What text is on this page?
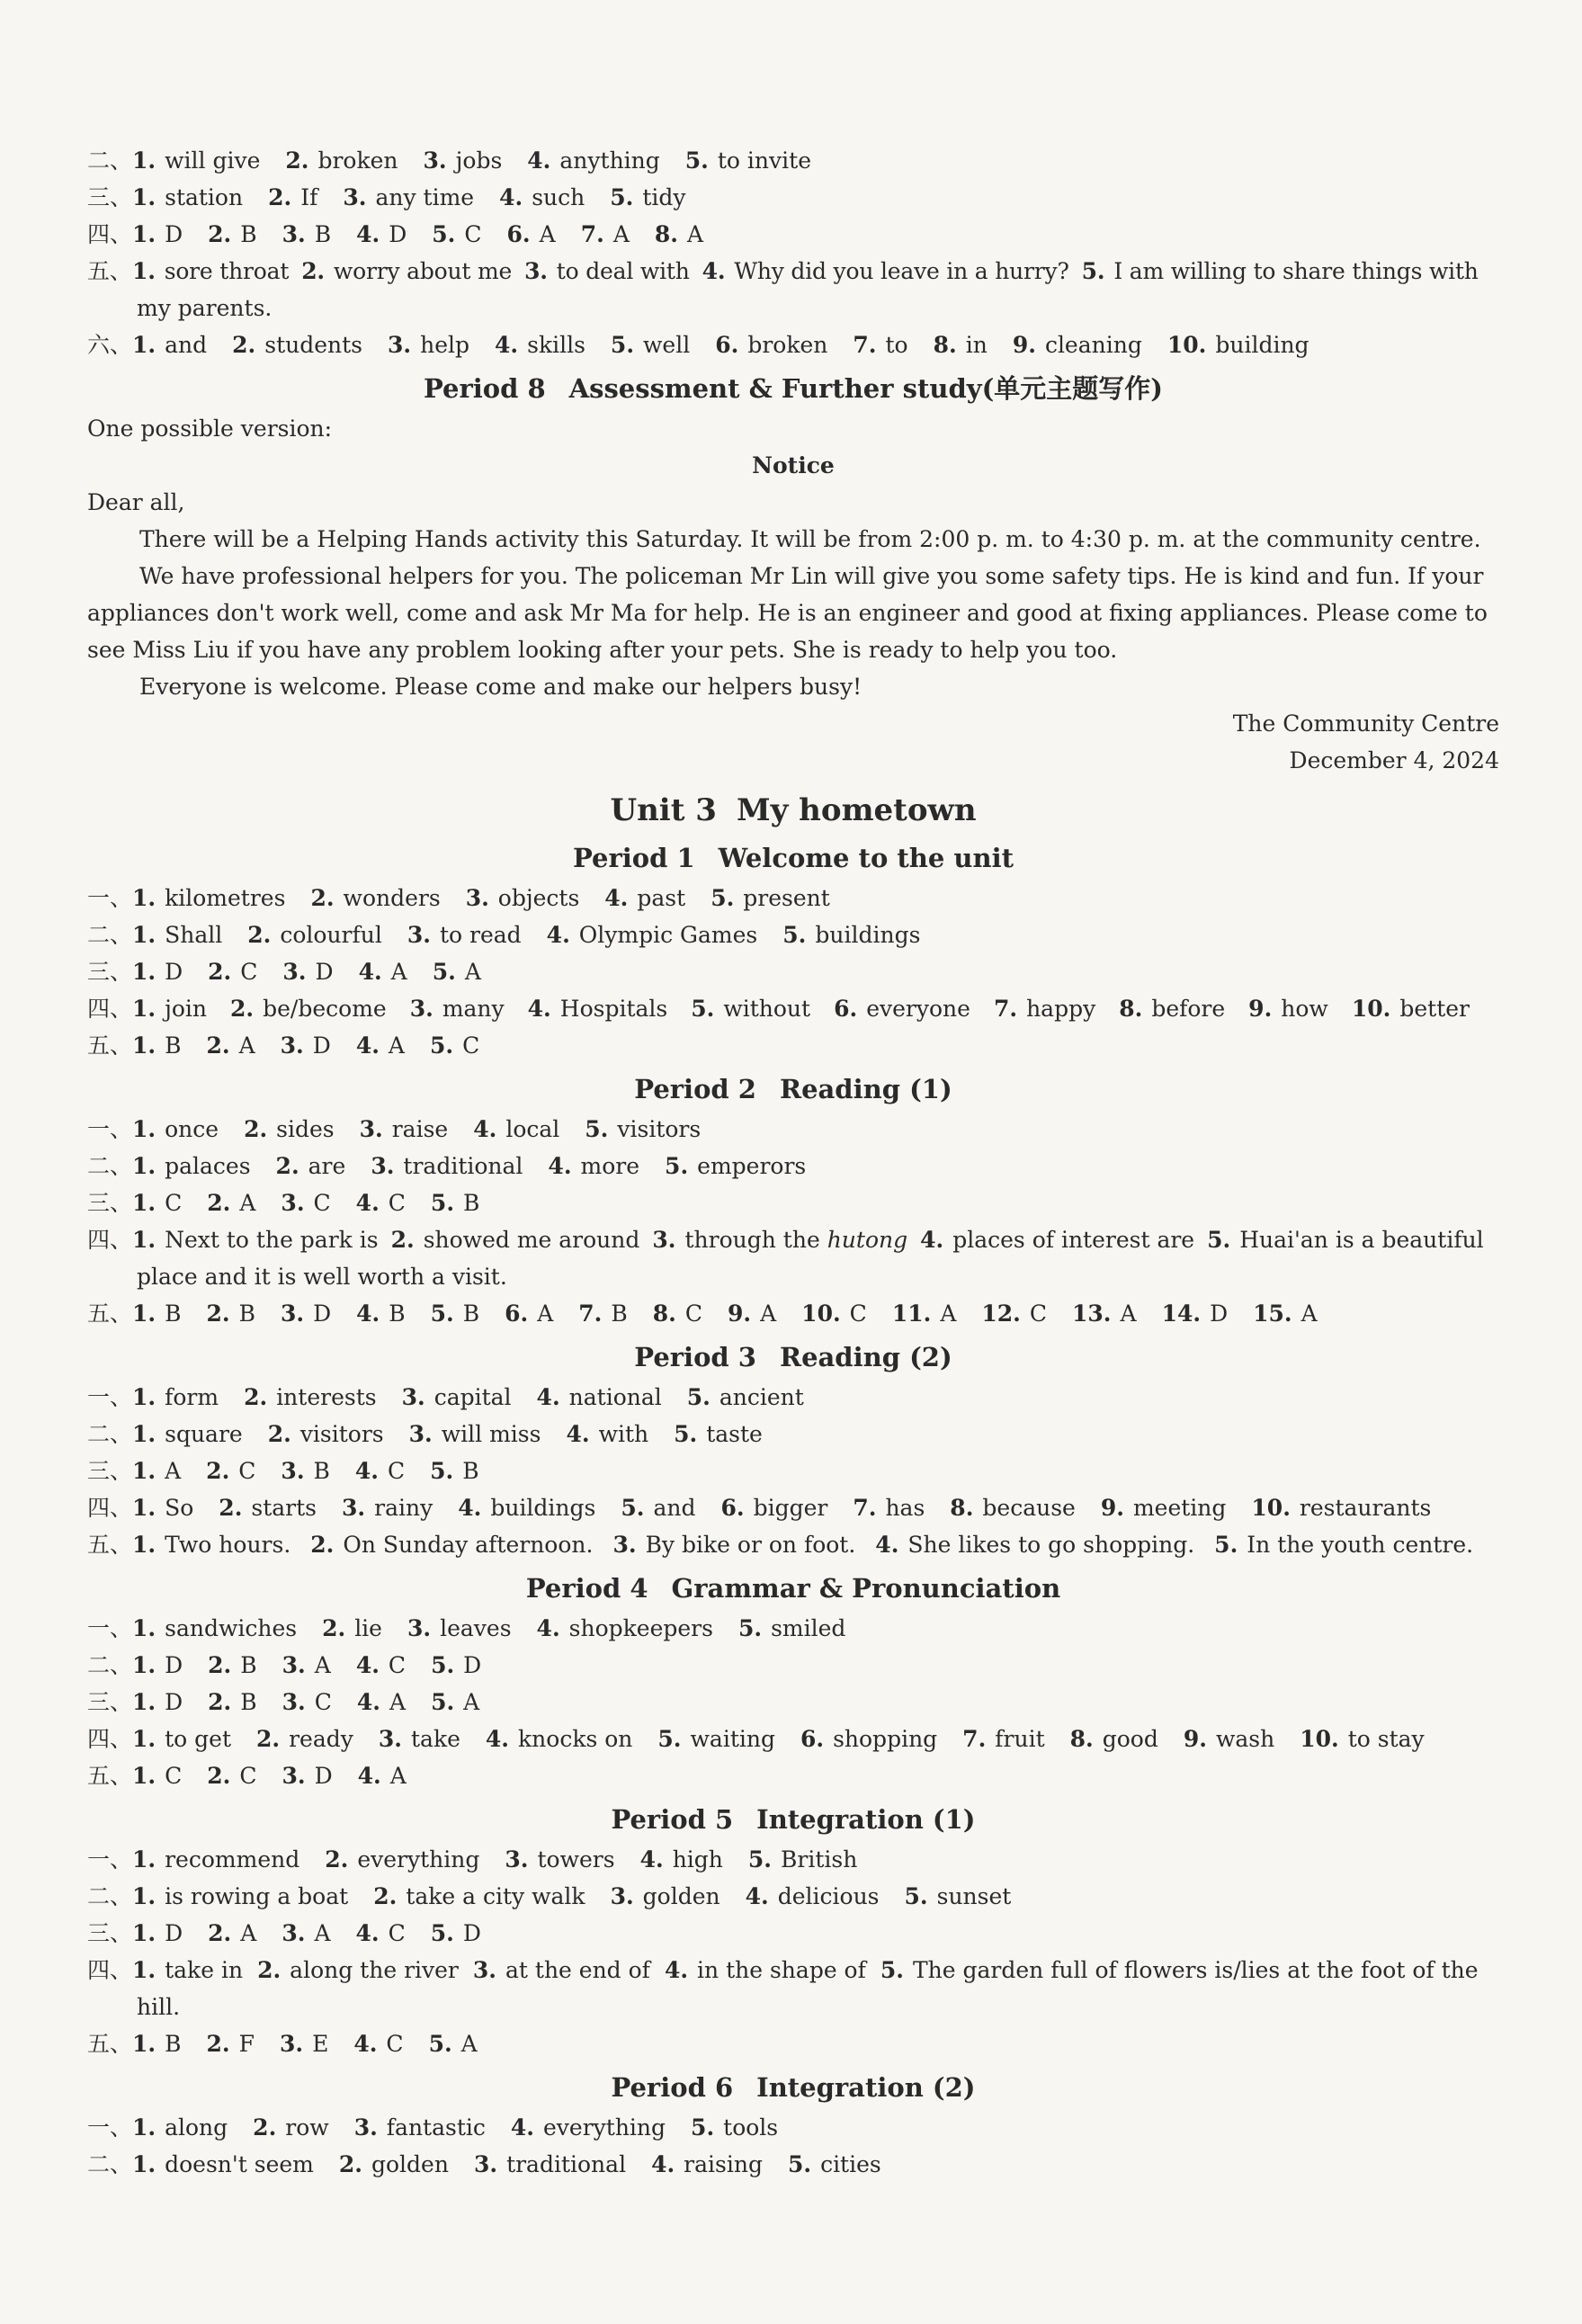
二、1. will give 2. broken 3. jobs 4. anything 5. to invite
三、1. station 2. If 3. any time 4. such 5. tidy
四、1. D 2. B 3. B 4. D 5. C 6. A 7. A 8. A
五、1. sore throat 2. worry about me 3. to deal with 4. Why did you leave in a hurry? 5. I am willing to share things with
my parents.
六、1. and 2. students 3. help 4. skills 5. well 6. broken 7. to 8. in 9. cleaning 10. building
Period 8 Assessment & Further study(单元主题写作)
One possible version:
Notice
Dear all,
There will be a Helping Hands activity this Saturday. It will be from 2:00 p. m. to 4:30 p. m. at the community centre.
We have professional helpers for you. The policeman Mr Lin will give you some safety tips. He is kind and fun. If your appliances don't work well, come and ask Mr Ma for help. He is an engineer and good at fixing appliances. Please come to see Miss Liu if you have any problem looking after your pets. She is ready to help you too.
Everyone is welcome. Please come and make our helpers busy!
The Community Centre
December 4, 2024
Unit 3 My hometown
Period 1 Welcome to the unit
一、1. kilometres 2. wonders 3. objects 4. past 5. present
二、1. Shall 2. colourful 3. to read 4. Olympic Games 5. buildings
三、1. D 2. C 3. D 4. A 5. A
四、1. join 2. be/become 3. many 4. Hospitals 5. without 6. everyone 7. happy 8. before 9. how 10. better
五、1. B 2. A 3. D 4. A 5. C
Period 2 Reading (1)
一、1. once 2. sides 3. raise 4. local 5. visitors
二、1. palaces 2. are 3. traditional 4. more 5. emperors
三、1. C 2. A 3. C 4. C 5. B
四、1. Next to the park is 2. showed me around 3. through the hutong 4. places of interest are 5. Huai'an is a beautiful
place and it is well worth a visit.
五、1. B 2. B 3. D 4. B 5. B 6. A 7. B 8. C 9. A 10. C 11. A 12. C 13. A 14. D 15. A
Period 3 Reading (2)
一、1. form 2. interests 3. capital 4. national 5. ancient
二、1. square 2. visitors 3. will miss 4. with 5. taste
三、1. A 2. C 3. B 4. C 5. B
四、1. So 2. starts 3. rainy 4. buildings 5. and 6. bigger 7. has 8. because 9. meeting 10. restaurants
五、1. Two hours. 2. On Sunday afternoon. 3. By bike or on foot. 4. She likes to go shopping. 5. In the youth centre.
Period 4 Grammar & Pronunciation
一、1. sandwiches 2. lie 3. leaves 4. shopkeepers 5. smiled
二、1. D 2. B 3. A 4. C 5. D
三、1. D 2. B 3. C 4. A 5. A
四、1. to get 2. ready 3. take 4. knocks on 5. waiting 6. shopping 7. fruit 8. good 9. wash 10. to stay
五、1. C 2. C 3. D 4. A
Period 5 Integration (1)
一、1. recommend 2. everything 3. towers 4. high 5. British
二、1. is rowing a boat 2. take a city walk 3. golden 4. delicious 5. sunset
三、1. D 2. A 3. A 4. C 5. D
四、1. take in 2. along the river 3. at the end of 4. in the shape of 5. The garden full of flowers is/lies at the foot of the
hill.
五、1. B 2. F 3. E 4. C 5. A
Period 6 Integration (2)
一、1. along 2. row 3. fantastic 4. everything 5. tools
二、1. doesn't seem 2. golden 3. traditional 4. raising 5. cities
